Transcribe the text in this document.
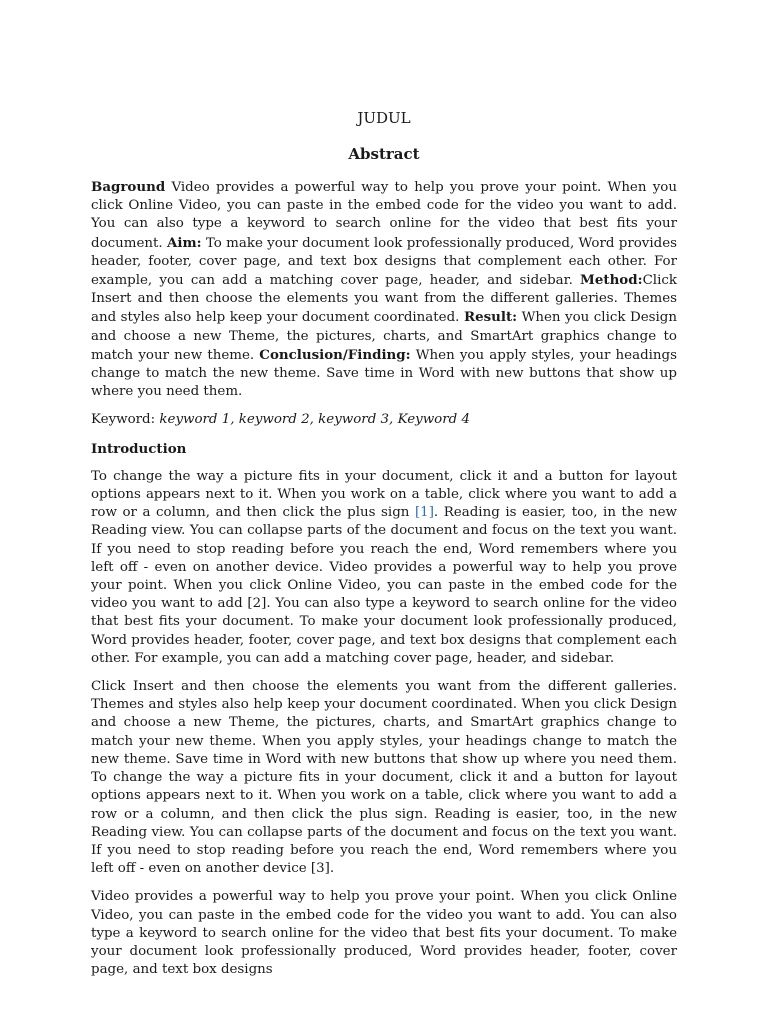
JUDUL
Abstract

Baground Video provides a powerful way to help you prove your point. When you click Online Video, you can paste in the embed code for the video you want to add. You can also type a keyword to search online for the video that best fits your document. Aim: To make your document look professionally produced, Word provides header, footer, cover page, and text box designs that complement each other. For example, you can add a matching cover page, header, and sidebar. Method:Click Insert and then choose the elements you want from the different galleries. Themes and styles also help keep your document coordinated. Result: When you click Design and choose a new Theme, the pictures, charts, and SmartArt graphics change to match your new theme. Conclusion/Finding: When you apply styles, your headings change to match the new theme. Save time in Word with new buttons that show up where you need them.

Keyword: keyword 1, keyword 2, keyword 3, Keyword 4
Introduction

To change the way a picture fits in your document, click it and a button for layout options appears next to it. When you work on a table, click where you want to add a row or a column, and then click the plus sign [1]. Reading is easier, too, in the new Reading view. You can collapse parts of the document and focus on the text you want. If you need to stop reading before you reach the end, Word remembers where you left off - even on another device. Video provides a powerful way to help you prove your point. When you click Online Video, you can paste in the embed code for the video you want to add [2]. You can also type a keyword to search online for the video that best fits your document. To make your document look professionally produced, Word provides header, footer, cover page, and text box designs that complement each other. For example, you can add a matching cover page, header, and sidebar.

Click Insert and then choose the elements you want from the different galleries. Themes and styles also help keep your document coordinated. When you click Design and choose a new Theme, the pictures, charts, and SmartArt graphics change to match your new theme. When you apply styles, your headings change to match the new theme. Save time in Word with new buttons that show up where you need them. To change the way a picture fits in your document, click it and a button for layout options appears next to it. When you work on a table, click where you want to add a row or a column, and then click the plus sign. Reading is easier, too, in the new Reading view. You can collapse parts of the document and focus on the text you want. If you need to stop reading before you reach the end, Word remembers where you left off - even on another device [3].

Video provides a powerful way to help you prove your point. When you click Online Video, you can paste in the embed code for the video you want to add. You can also type a keyword to search online for the video that best fits your document. To make your document look professionally produced, Word provides header, footer, cover page, and text box designs
